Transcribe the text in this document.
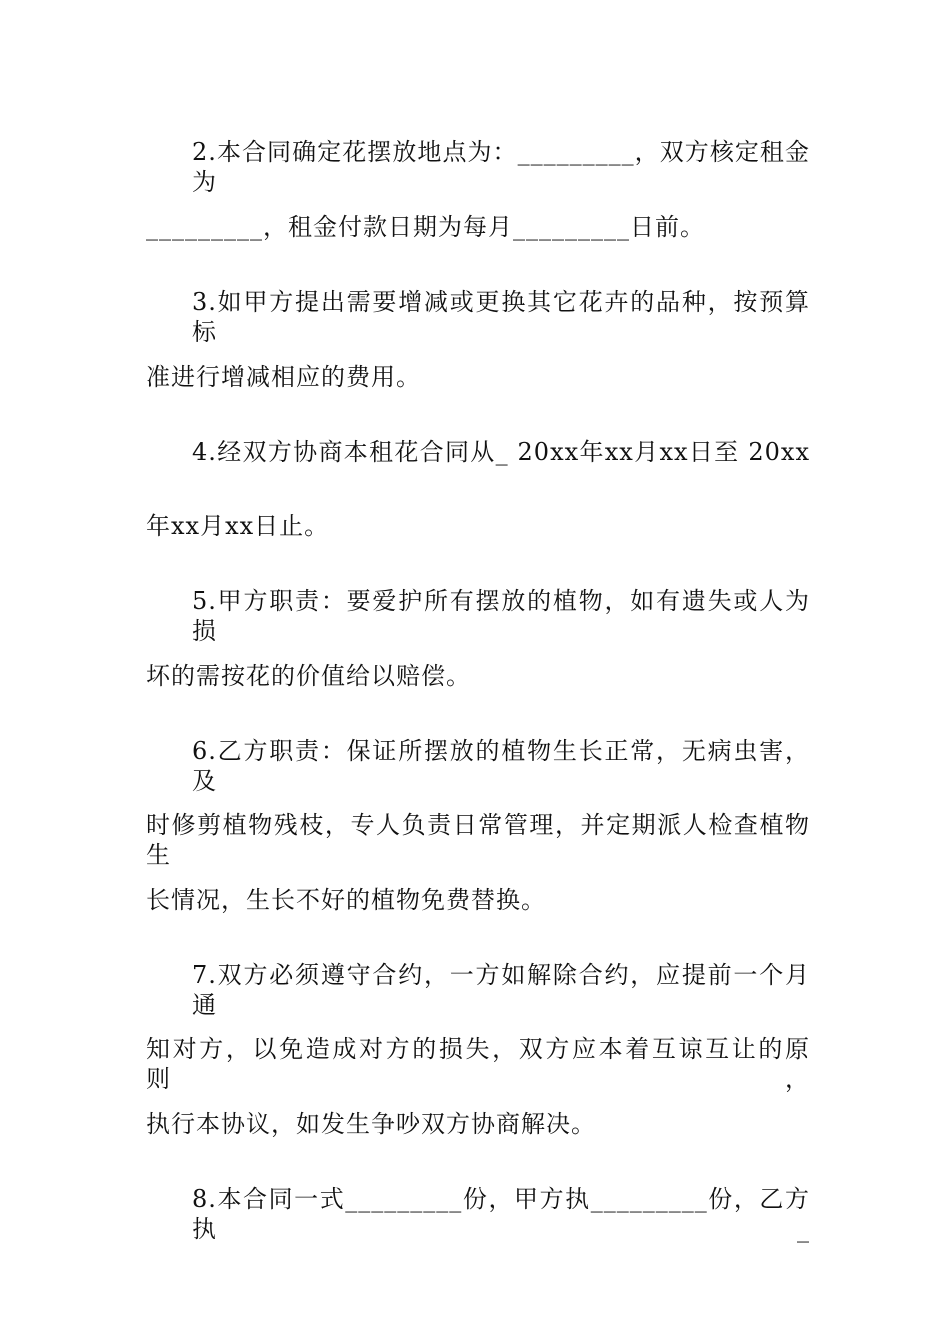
2.本合同确定花摆放地点为：_________，双方核定租金为
_________，租金付款日期为每月_________日前。
3.如甲方提出需要增减或更换其它花卉的品种，按预算标
准进行增减相应的费用。
4.经双方协商本租花合同从_ 20xx年xx月xx日至 20xx
年xx月xx日止。
5.甲方职责：要爱护所有摆放的植物，如有遗失或人为损
坏的需按花的价值给以赔偿。
6.乙方职责：保证所摆放的植物生长正常，无病虫害，及
时修剪植物残枝，专人负责日常管理，并定期派人检查植物生
长情况，生长不好的植物免费替换。
7.双方必须遵守合约，一方如解除合约，应提前一个月通
知对方，以免造成对方的损失，双方应本着互谅互让的原则，
执行本协议，如发生争吵双方协商解决。
8.本合同一式_________份，甲方执_________份，乙方执_
